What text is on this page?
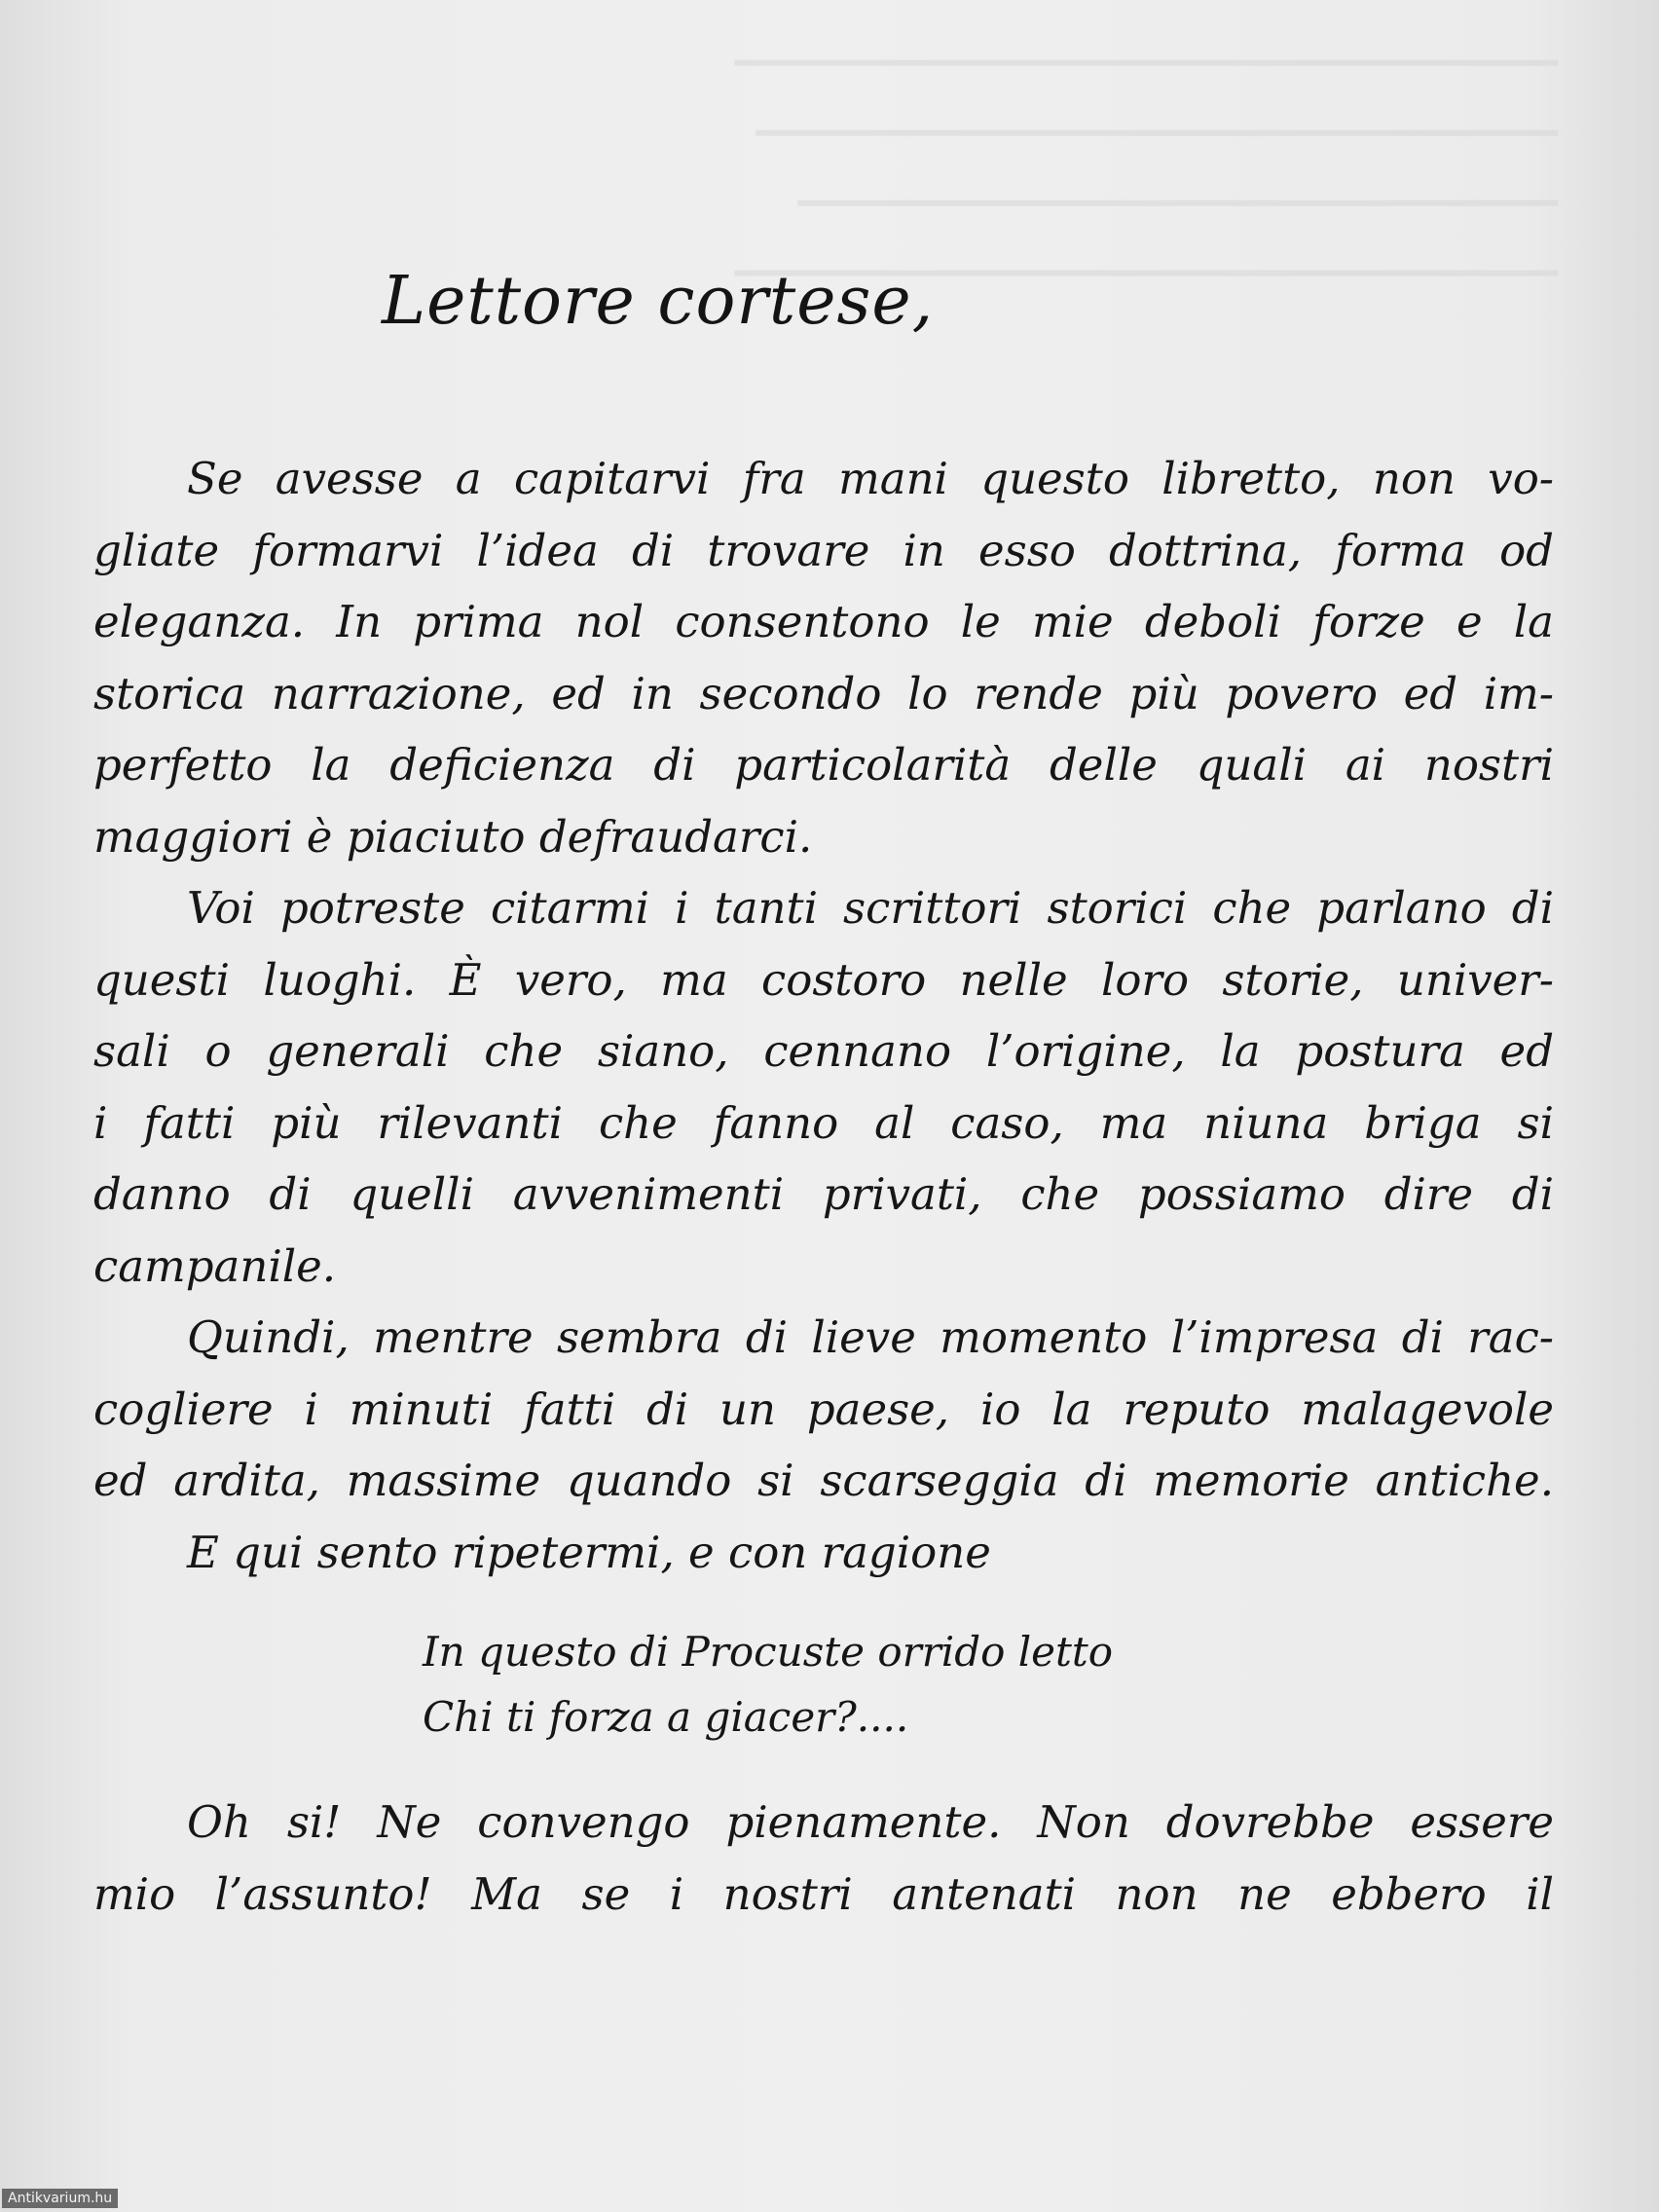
━━━━━━━━━━━━━━━━━━━━━━━━━━━━━━━━━━━━━━━
━━━━━━━━━━━━━━━━━━━━━━━━━━━━━━━━━━━━━━
━━━━━━━━━━━━━━━━━━━━━━━━━━━━━━━━━━━━
━━━━━━━━━━━━━━━━━━━━━━━━━━━━━━━━━━━━━━━
Lettore cortese,
Se avesse a capitarvi fra mani questo libretto, non vo-
gliate formarvi l’idea di trovare in esso dottrina, forma od
eleganza. In prima nol consentono le mie deboli forze e la
storica narrazione, ed in secondo lo rende più povero ed im-
perfetto la deficienza di particolarità delle quali ai nostri
maggiori è piaciuto defraudarci.
Voi potreste citarmi i tanti scrittori storici che parlano di
questi luoghi. È vero, ma costoro nelle loro storie, univer-
sali o generali che siano, cennano l’origine, la postura ed
i fatti più rilevanti che fanno al caso, ma niuna briga si
danno di quelli avvenimenti privati, che possiamo dire di
campanile.
Quindi, mentre sembra di lieve momento l’impresa di rac-
cogliere i minuti fatti di un paese, io la reputo malagevole
ed ardita, massime quando si scarseggia di memorie antiche.
E qui sento ripetermi, e con ragione
In questo di Procuste orrido letto
Chi ti forza a giacer?....
Oh si! Ne convengo pienamente. Non dovrebbe essere
mio l’assunto! Ma se i nostri antenati non ne ebbero il
Antikvarium.hu
